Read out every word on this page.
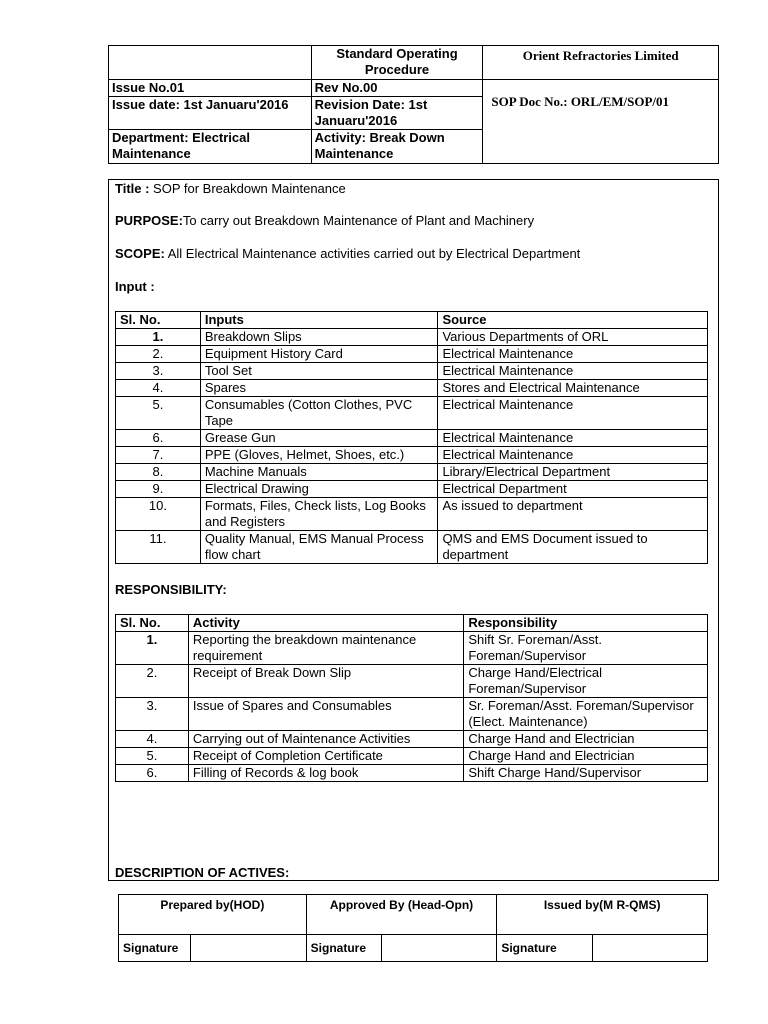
	Standard Operating Procedure	Orient Refractories Limited
Issue No.01	Rev No.00	SOP Doc No.: ORL/EM/SOP/01
Issue date: 1st Januaru'2016	Revision Date: 1st Januaru'2016	
Department: Electrical Maintenance	Activity: Break Down Maintenance	
Title : SOP for Breakdown Maintenance
PURPOSE:To carry out Breakdown Maintenance of Plant and Machinery
SCOPE: All Electrical Maintenance activities carried out by Electrical Department
Input :
Sl. No.	Inputs	Source
1.	Breakdown Slips	Various Departments of ORL
2.	Equipment History Card	Electrical Maintenance
3.	Tool Set	Electrical Maintenance
4.	Spares	Stores and Electrical Maintenance
5.	Consumables (Cotton Clothes, PVC Tape	Electrical Maintenance
6.	Grease Gun	Electrical Maintenance
7.	PPE (Gloves, Helmet, Shoes, etc.)	Electrical Maintenance
8.	Machine Manuals	Library/Electrical Department
9.	Electrical Drawing	Electrical Department
10.	Formats, Files, Check lists, Log Books and Registers	As issued to department
11.	Quality Manual, EMS Manual Process flow chart	QMS and EMS Document issued to department
RESPONSIBILITY:
Sl. No.	Activity	Responsibility
1.	Reporting the breakdown maintenance requirement	Shift Sr. Foreman/Asst. Foreman/Supervisor
2.	Receipt of Break Down Slip	Charge Hand/Electrical Foreman/Supervisor
3.	Issue of Spares and Consumables	Sr. Foreman/Asst. Foreman/Supervisor (Elect. Maintenance)
4.	Carrying out of Maintenance Activities	Charge Hand and Electrician
5.	Receipt of Completion Certificate	Charge Hand and Electrician
6.	Filling of Records & log book	Shift Charge Hand/Supervisor
DESCRIPTION OF ACTIVES:
Prepared by(HOD)		Approved By (Head-Opn)		Issued by(M R-QMS)	
Signature		Signature		Signature	
